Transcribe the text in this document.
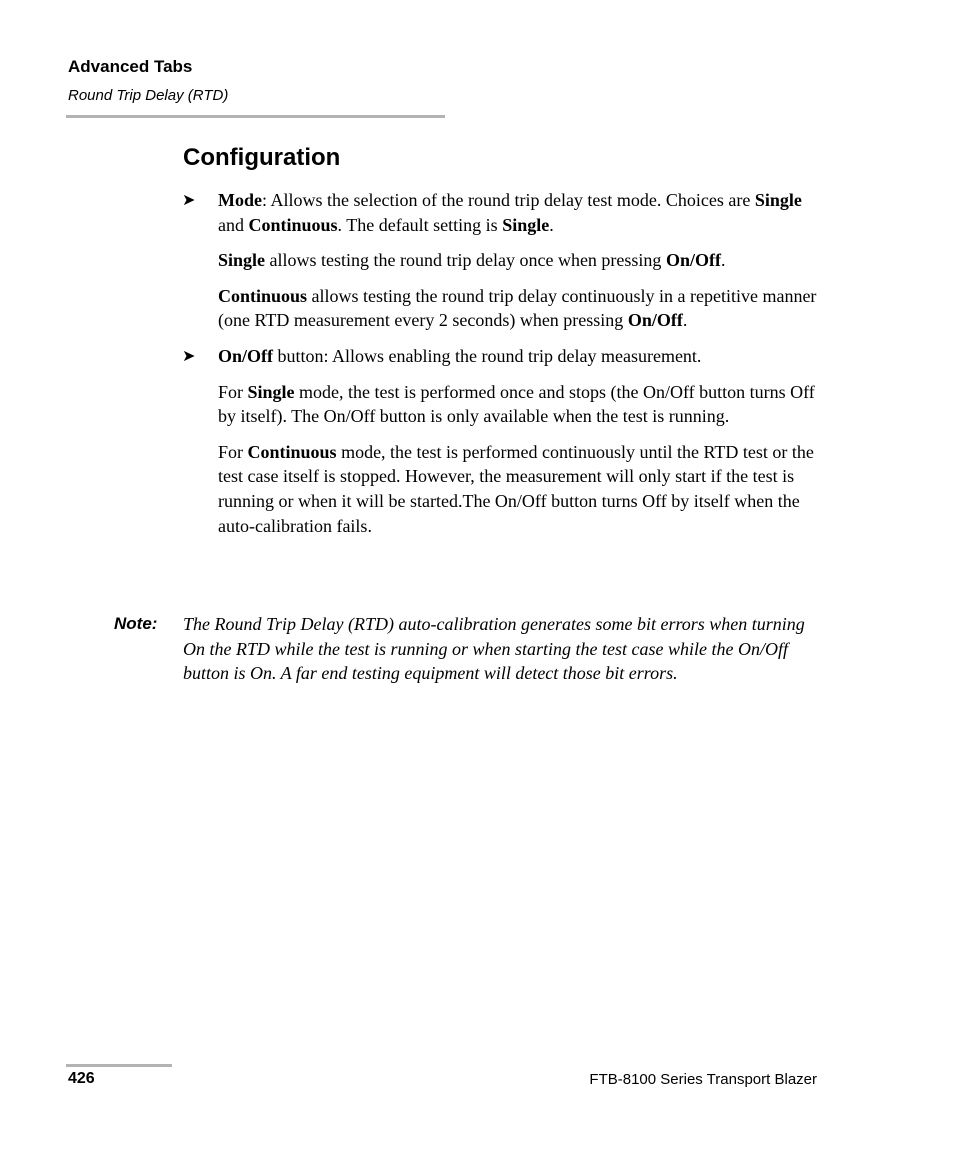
Advanced Tabs
Round Trip Delay (RTD)
Configuration

➤ Mode: Allows the selection of the round trip delay test mode. Choices are Single and Continuous. The default setting is Single.

Single allows testing the round trip delay once when pressing On/Off.

Continuous allows testing the round trip delay continuously in a repetitive manner (one RTD measurement every 2 seconds) when pressing On/Off.

➤ On/Off button: Allows enabling the round trip delay measurement.

For Single mode, the test is performed once and stops (the On/Off button turns Off by itself). The On/Off button is only available when the test is running.

For Continuous mode, the test is performed continuously until the RTD test or the test case itself is stopped. However, the measurement will only start if the test is running or when it will be started.The On/Off button turns Off by itself when the auto-calibration fails.

Note: The Round Trip Delay (RTD) auto-calibration generates some bit errors when turning On the RTD while the test is running or when starting the test case while the On/Off button is On. A far end testing equipment will detect those bit errors.
426	FTB-8100 Series Transport Blazer
